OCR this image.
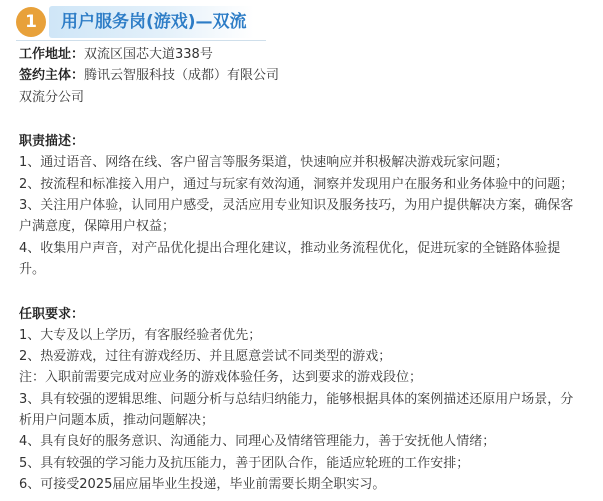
1	用户服务岗(游戏)—双流
工作地址：双流区国芯大道338号
签约主体：腾讯云智服科技（成都）有限公司
双流分公司
职责描述：
1、通过语音、网络在线、客户留言等服务渠道，快速响应并积极解决游戏玩家问题；
2、按流程和标准接入用户，通过与玩家有效沟通，洞察并发现用户在服务和业务体验中的问题；
3、关注用户体验，认同用户感受，灵活应用专业知识及服务技巧，为用户提供解决方案，确保客
户满意度，保障用户权益；
4、收集用户声音，对产品优化提出合理化建议，推动业务流程优化，促进玩家的全链路体验提
升。
任职要求：
1、大专及以上学历，有客服经验者优先；
2、热爱游戏，过往有游戏经历、并且愿意尝试不同类型的游戏；
注：入职前需要完成对应业务的游戏体验任务，达到要求的游戏段位；
3、具有较强的逻辑思维、问题分析与总结归纳能力，能够根据具体的案例描述还原用户场景，分
析用户问题本质，推动问题解决；
4、具有良好的服务意识、沟通能力、同理心及情绪管理能力，善于安抚他人情绪；
5、具有较强的学习能力及抗压能力，善于团队合作，能适应轮班的工作安排；
6、可接受2025届应届毕业生投递，毕业前需要长期全职实习。
